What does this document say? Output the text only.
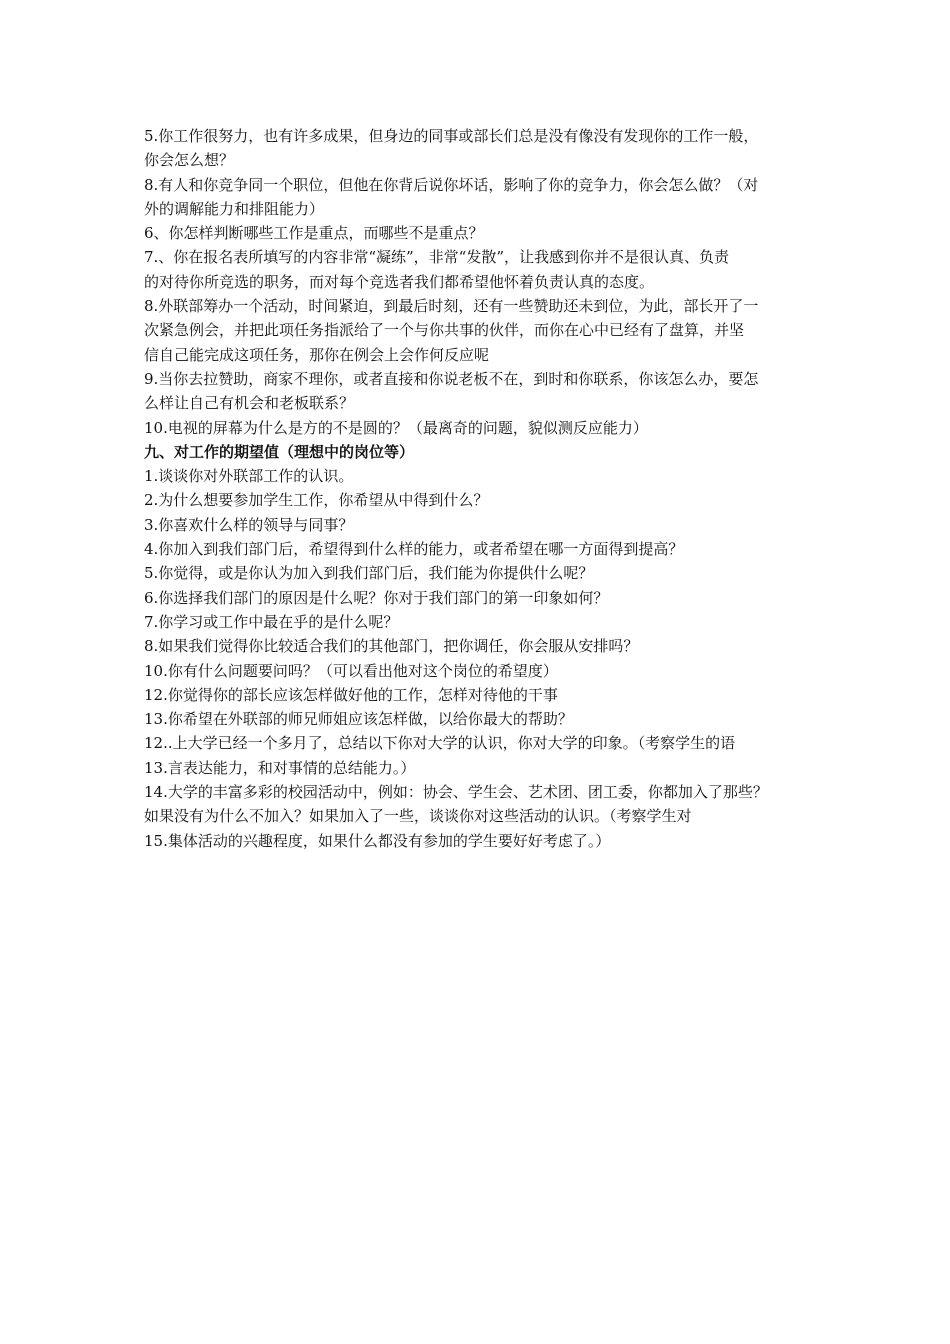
5.你工作很努力，也有许多成果，但身边的同事或部长们总是没有像没有发现你的工作一般，
你会怎么想？
8.有人和你竞争同一个职位，但他在你背后说你坏话，影响了你的竞争力，你会怎么做？（对
外的调解能力和排阻能力）
6、你怎样判断哪些工作是重点，而哪些不是重点？
7.、你在报名表所填写的内容非常“凝练”，非常“发散”，让我感到你并不是很认真、负责
的对待你所竞选的职务，而对每个竞选者我们都希望他怀着负责认真的态度。
8.外联部筹办一个活动，时间紧迫，到最后时刻，还有一些赞助还未到位，为此，部长开了一
次紧急例会，并把此项任务指派给了一个与你共事的伙伴，而你在心中已经有了盘算，并坚
信自己能完成这项任务，那你在例会上会作何反应呢
9.当你去拉赞助，商家不理你，或者直接和你说老板不在，到时和你联系，你该怎么办，要怎
么样让自己有机会和老板联系？
10.电视的屏幕为什么是方的不是圆的？（最离奇的问题，貌似测反应能力）
九、对工作的期望值（理想中的岗位等）
1.谈谈你对外联部工作的认识。
2.为什么想要参加学生工作，你希望从中得到什么？
3.你喜欢什么样的领导与同事？
4.你加入到我们部门后，希望得到什么样的能力，或者希望在哪一方面得到提高？
5.你觉得，或是你认为加入到我们部门后，我们能为你提供什么呢？
6.你选择我们部门的原因是什么呢？你对于我们部门的第一印象如何？
7.你学习或工作中最在乎的是什么呢？
8.如果我们觉得你比较适合我们的其他部门，把你调任，你会服从安排吗？
10.你有什么问题要问吗？（可以看出他对这个岗位的希望度）
12.你觉得你的部长应该怎样做好他的工作，怎样对待他的干事
13.你希望在外联部的师兄师姐应该怎样做，以给你最大的帮助？
12..上大学已经一个多月了，总结以下你对大学的认识，你对大学的印象。（考察学生的语
13.言表达能力，和对事情的总结能力。）
14.大学的丰富多彩的校园活动中，例如：协会、学生会、艺术团、团工委，你都加入了那些？
如果没有为什么不加入？如果加入了一些，谈谈你对这些活动的认识。（考察学生对
15.集体活动的兴趣程度，如果什么都没有参加的学生要好好考虑了。）
